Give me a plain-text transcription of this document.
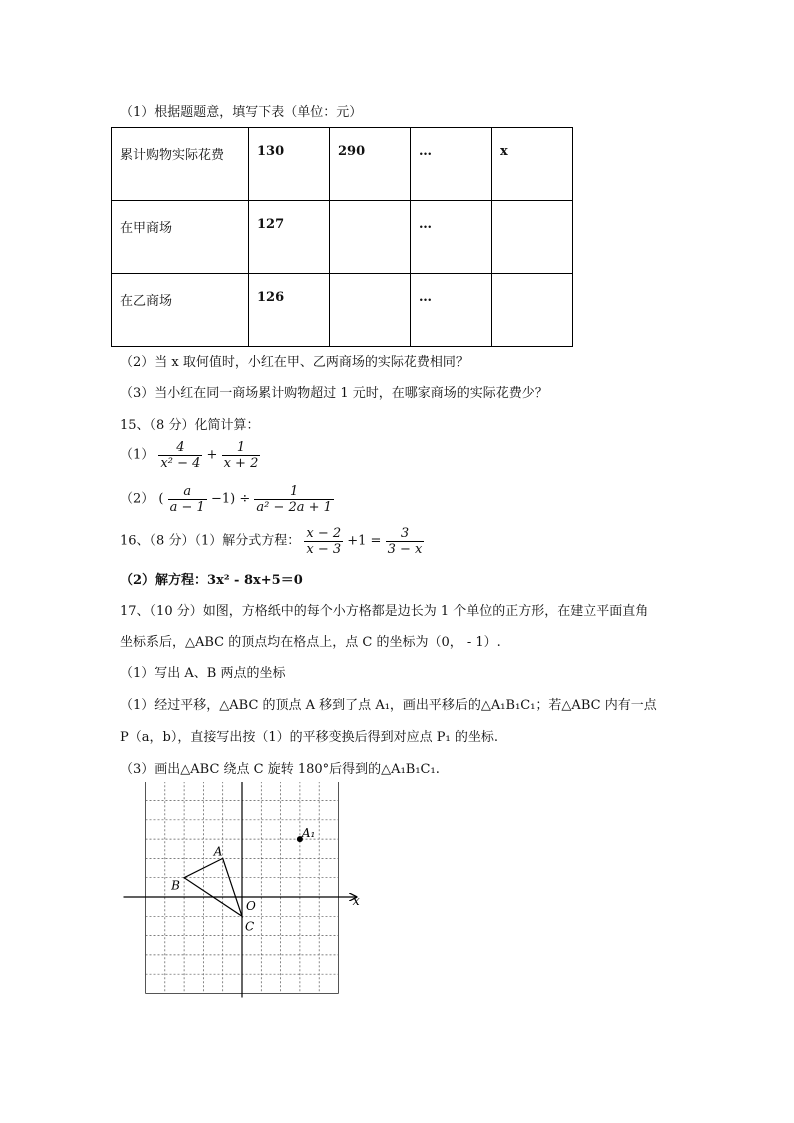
（1）根据题题意，填写下表（单位：元）
累计购物实际花费	130	290	…	x
在甲商场	127		…	
在乙商场	126		…	
（2）当 x 取何值时，小红在甲、乙两商场的实际花费相同？
（3）当小红在同一商场累计购物超过 1 元时，在哪家商场的实际花费少？
15、（8 分）化简计算：
$(1) \frac{4}{\text{x² − 4}} + \frac{1}{x + 2}$
（2） ( $\frac{a}{a - 1} -1) \div \frac{1}{\text{a² − 2a + 1}}$
16、（8 分）（1）解分式方程： $\frac{x - 2}{x - 3} +1 = \frac{3}{3 - x}$
（2）解方程：3x² - 8x+5＝0
17、（10 分）如图，方格纸中的每个小方格都是边长为 1 个单位的正方形，在建立平面直角
坐标系后，△ABC 的顶点均在格点上，点 C 的坐标为（0， - 1）.
（1）写出 A、B 两点的坐标
（1）经过平移，△ABC 的顶点 A 移到了点 A₁，画出平移后的△A₁B₁C₁；若△ABC 内有一点
P（a，b），直接写出按（1）的平移变换后得到对应点 P₁ 的坐标.
（3）画出△ABC 绕点 C 旋转 180°后得到的△A₁B₁C₁.
x
O
A
B
C
A₁
